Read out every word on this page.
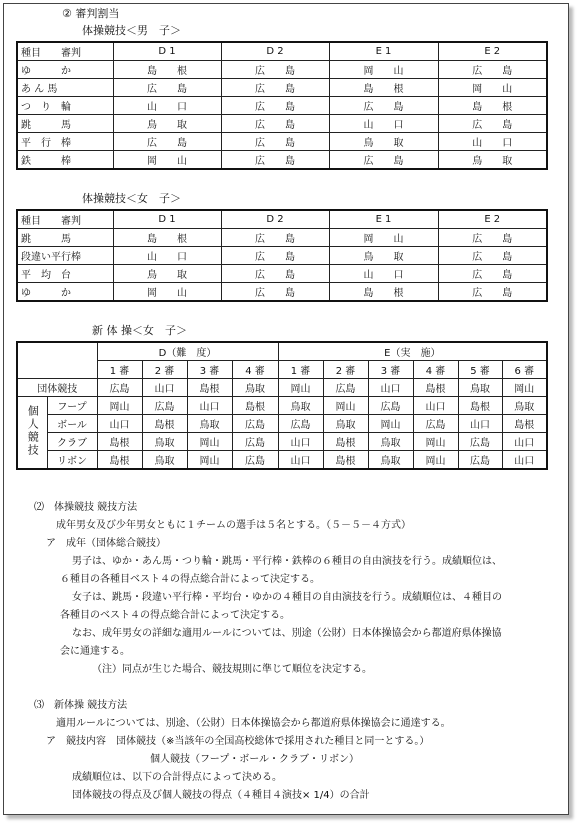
② 審判割当
体操競技＜男　子＞
種目　　審判	D 1	D 2	E 1	E 2
ゆ　　　か	島　　根	広　　島	岡　　山	広　　島
あ ん 馬	広　　島	広　　島	島　　根	岡　　山
つ　り　輪	山　　口	広　　島	広　　島	島　　根
跳　　　馬	鳥　　取	広　　島	山　　口	広　　島
平　行　棒	広　　島	広　　島	鳥　　取	山　　口
鉄　　　棒	岡　　山	広　　島	広　　島	鳥　　取
体操競技＜女　子＞
種目　　審判	D 1	D 2	E 1	E 2
跳　　　馬	島　　根	広　　島	岡　　山	広　　島
段違い平行棒	山　　口	広　　島	鳥　　取	広　　島
平　均　台	鳥　　取	広　　島	山　　口	広　　島
ゆ　　　か	岡　　山	広　　島	島　　根	広　　島
新 体 操＜女　子＞
		D（難　度）				E（実　施）					
		1 審	2 審	3 審	4 審	1 審	2 審	3 審	4 審	5 審	6 審
団体競技		広島	山口	島根	鳥取	岡山	広島	山口	島根	鳥取	岡山
個人競技	フープ	岡山	広島	山口	島根	鳥取	岡山	広島	山口	島根	鳥取
	ボール	山口	島根	鳥取	広島	広島	鳥取	岡山	広島	山口	島根
	クラブ	島根	鳥取	岡山	広島	山口	島根	鳥取	岡山	広島	山口
	リボン	島根	鳥取	岡山	広島	山口	島根	鳥取	岡山	広島	山口
⑵　体操競技 競技方法
成年男女及び少年男女ともに１チームの選手は５名とする。（５－５－４方式）
ア　成年（団体総合競技）
男子は、ゆか・あん馬・つり輪・跳馬・平行棒・鉄棒の６種目の自由演技を行う。成績順位は、
６種目の各種目ベスト４の得点総合計によって決定する。
女子は、跳馬・段違い平行棒・平均台・ゆかの４種目の自由演技を行う。成績順位は、４種目の
各種目のベスト４の得点総合計によって決定する。
なお、成年男女の詳細な適用ルールについては、別途（公財）日本体操協会から都道府県体操協
会に通達する。
（注）同点が生じた場合、競技規則に準じて順位を決定する。
⑶　新体操 競技方法
適用ルールについては、別途、（公財）日本体操協会から都道府県体操協会に通達する。
ア　競技内容　団体競技（※当該年の全国高校総体で採用された種目と同一とする。）
個人競技（フープ・ボール・クラブ・リボン）
成績順位は、以下の合計得点によって決める。
団体競技の得点及び個人競技の得点（４種目４演技× 1/4）の合計
